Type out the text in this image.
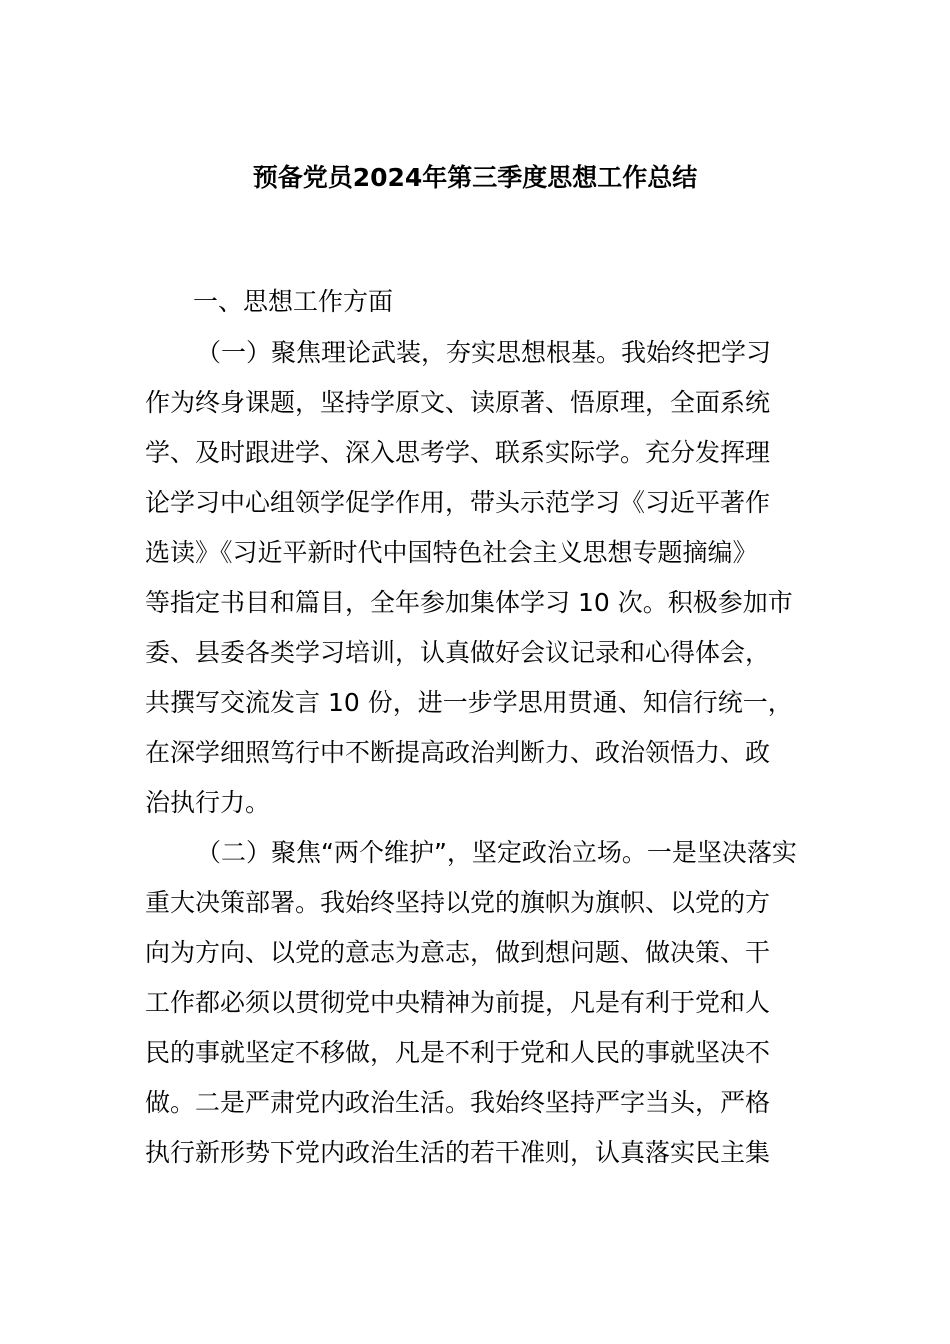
预备党员2024年第三季度思想工作总结
一、思想工作方面
（一）聚焦理论武装，夯实思想根基。我始终把学习
作为终身课题，坚持学原文、读原著、悟原理，全面系统
学、及时跟进学、深入思考学、联系实际学。充分发挥理
论学习中心组领学促学作用，带头示范学习《习近平著作
选读》《习近平新时代中国特色社会主义思想专题摘编》
等指定书目和篇目，全年参加集体学习 10 次。积极参加市
委、县委各类学习培训，认真做好会议记录和心得体会，
共撰写交流发言 10 份，进一步学思用贯通、知信行统一，
在深学细照笃行中不断提高政治判断力、政治领悟力、政
治执行力。
（二）聚焦“两个维护”，坚定政治立场。一是坚决落实
重大决策部署。我始终坚持以党的旗帜为旗帜、以党的方
向为方向、以党的意志为意志，做到想问题、做决策、干
工作都必须以贯彻党中央精神为前提，凡是有利于党和人
民的事就坚定不移做，凡是不利于党和人民的事就坚决不
做。二是严肃党内政治生活。我始终坚持严字当头，严格
执行新形势下党内政治生活的若干准则，认真落实民主集
